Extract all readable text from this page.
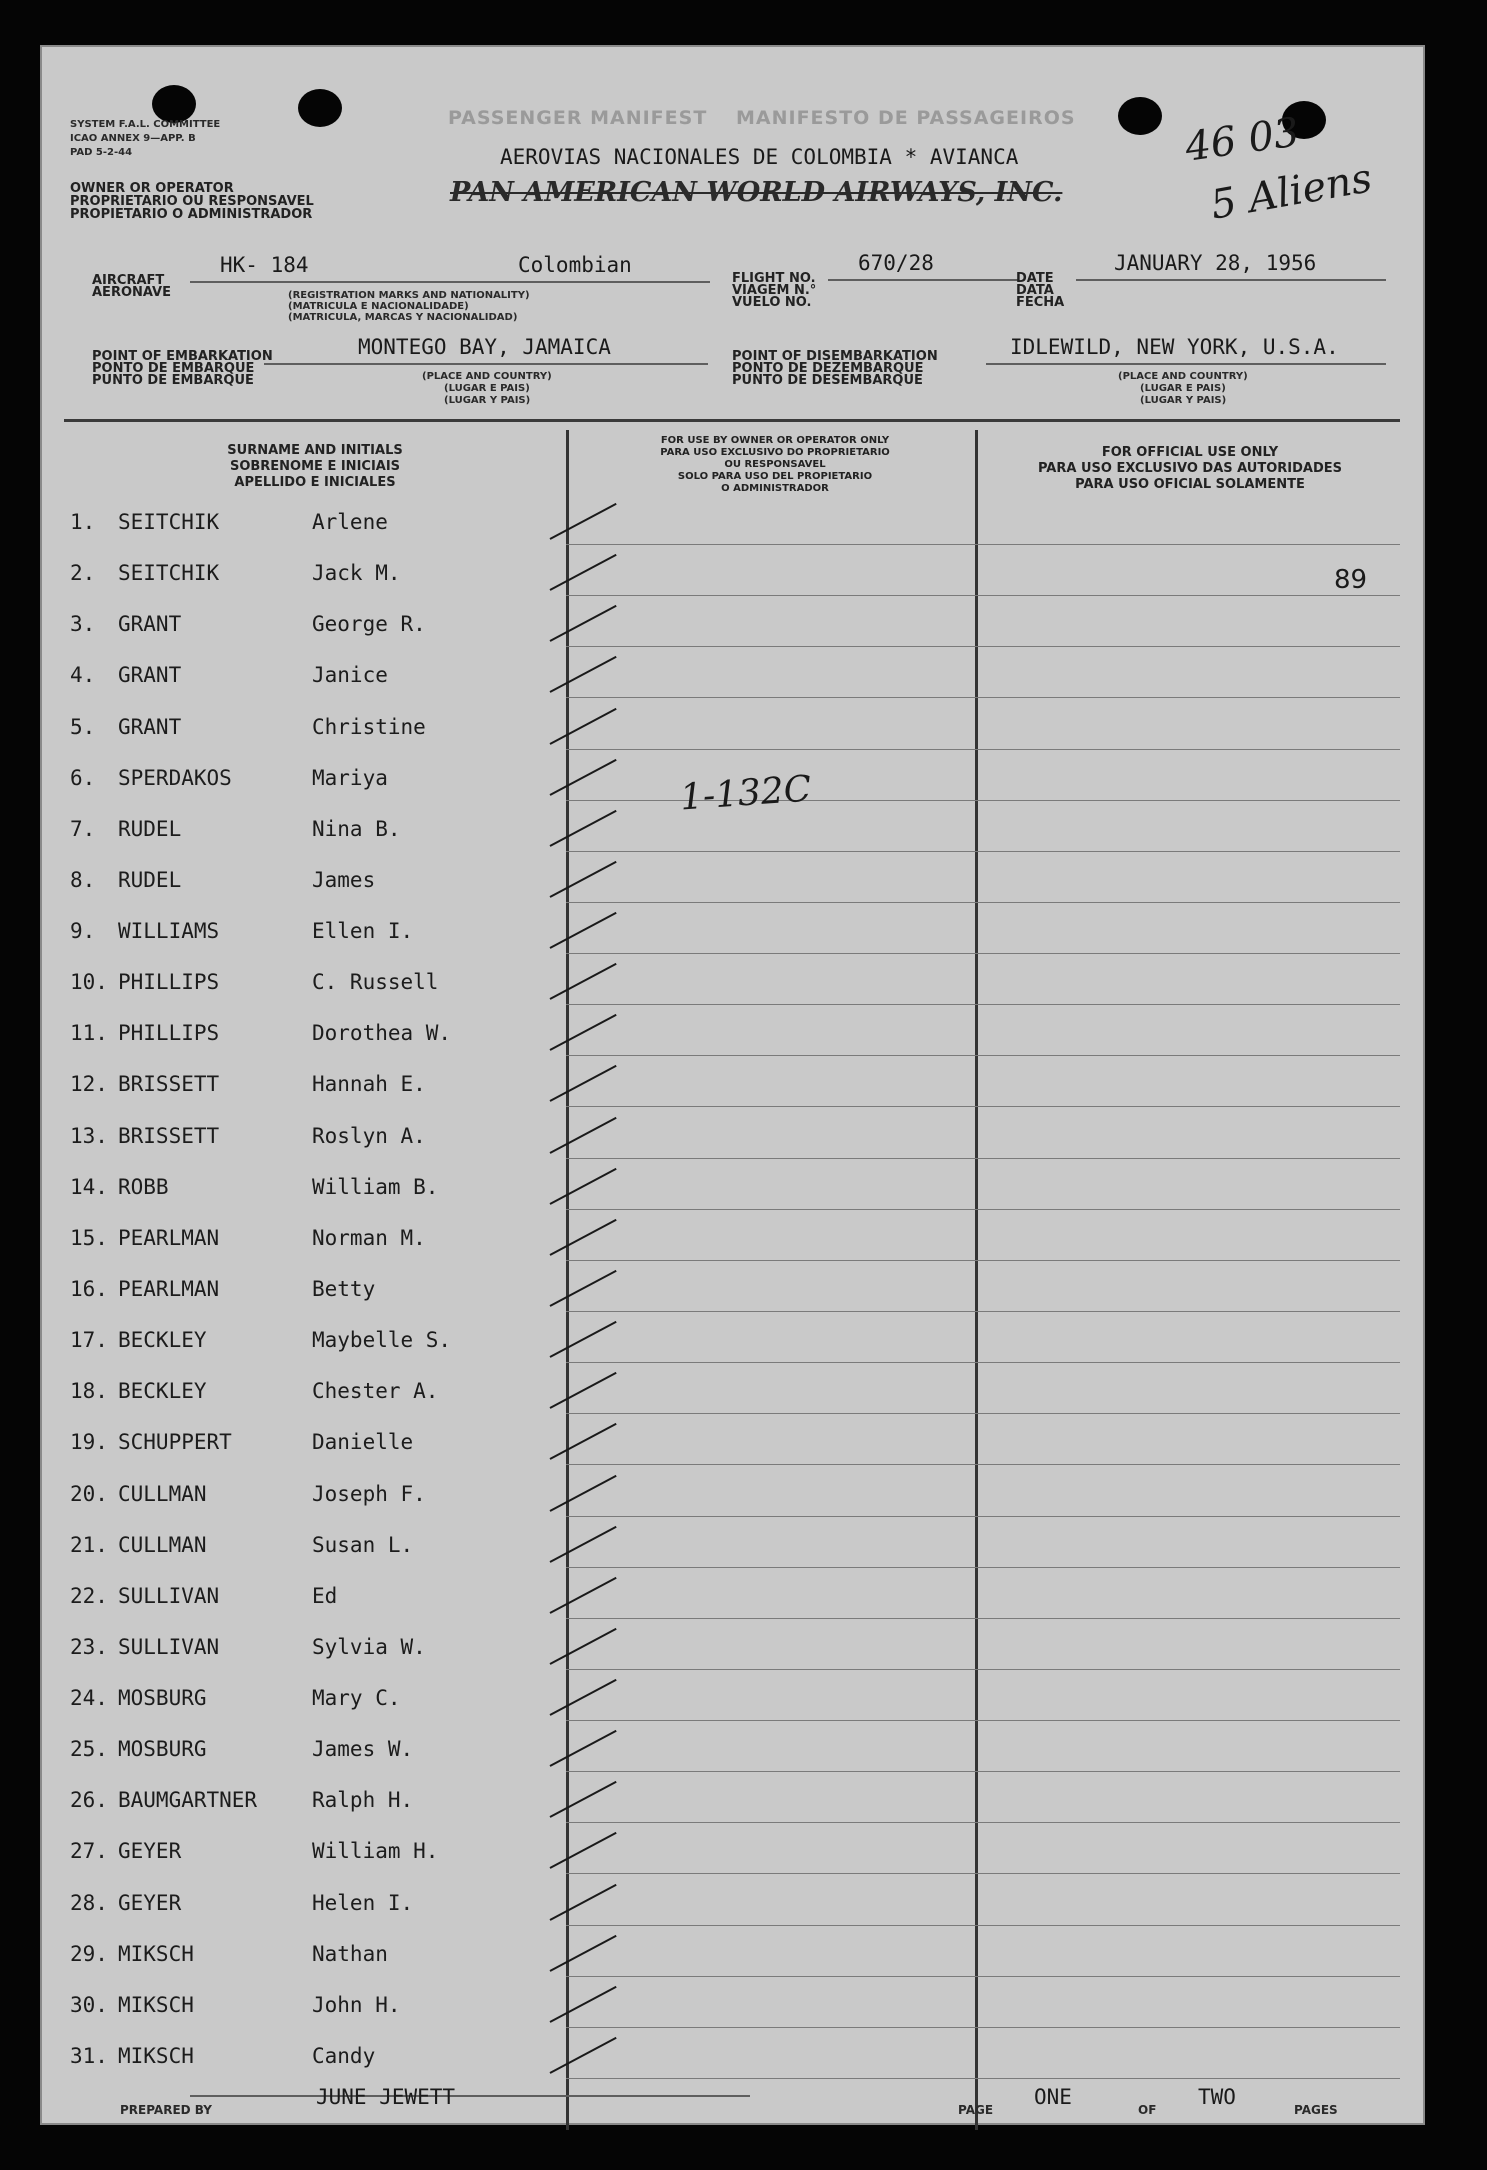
SYSTEM F.A.L. COMMITTEE
ICAO ANNEX 9—APP. B
PAD 5-2-44
OWNER OR OPERATOR
PROPRIETARIO OU RESPONSAVEL
PROPIETARIO O ADMINISTRADOR
PASSENGER MANIFEST MANIFESTO DE PASSAGEIROS
AEROVIAS NACIONALES DE COLOMBIA * AVIANCA
PAN AMERICAN WORLD AIRWAYS, INC.
46 03
5 Aliens
AIRCRAFT
AERONAVE
HK- 184	Colombian
(REGISTRATION MARKS AND NATIONALITY)
(MATRICULA E NACIONALIDADE)
(MATRICULA, MARCAS Y NACIONALIDAD)
FLIGHT NO.
VIAGEM N.°
VUELO NO.
670/28
DATE
DATA
FECHA
JANUARY 28, 1956
POINT OF EMBARKATION
PONTO DE EMBARQUE
PUNTO DE EMBARQUE
MONTEGO BAY, JAMAICA
(PLACE AND COUNTRY)
(LUGAR E PAIS)
(LUGAR Y PAIS)
POINT OF DISEMBARKATION
PONTO DE DEZEMBARQUE
PUNTO DE DESEMBARQUE
IDLEWILD, NEW YORK, U.S.A.
(PLACE AND COUNTRY)
(LUGAR E PAIS)
(LUGAR Y PAIS)
SURNAME AND INITIALS
SOBRENOME E INICIAIS
APELLIDO E INICIALES
FOR USE BY OWNER OR OPERATOR ONLY
PARA USO EXCLUSIVO DO PROPRIETARIO
OU RESPONSAVEL
SOLO PARA USO DEL PROPIETARIO
O ADMINISTRADOR
FOR OFFICIAL USE ONLY
PARA USO EXCLUSIVO DAS AUTORIDADES
PARA USO OFICIAL SOLAMENTE
1. SEITCHIK	Arlene
2. SEITCHIK	Jack M.
3. GRANT	George R.
4. GRANT	Janice
5. GRANT	Christine
6. SPERDAKOS	Mariya
7. RUDEL	Nina B.
8. RUDEL	James
9. WILLIAMS	Ellen I.
10. PHILLIPS	C. Russell
11. PHILLIPS	Dorothea W.
12. BRISSETT	Hannah E.
13. BRISSETT	Roslyn A.
14. ROBB	William B.
15. PEARLMAN	Norman M.
16. PEARLMAN	Betty
17. BECKLEY	Maybelle S.
18. BECKLEY	Chester A.
19. SCHUPPERT	Danielle
20. CULLMAN	Joseph F.
21. CULLMAN	Susan L.
22. SULLIVAN	Ed
23. SULLIVAN	Sylvia W.
24. MOSBURG	Mary C.
25. MOSBURG	James W.
26. BAUMGARTNER	Ralph H.
27. GEYER	William H.
28. GEYER	Helen I.
29. MIKSCH	Nathan
30. MIKSCH	John H.
31. MIKSCH	Candy
1-132C
89
PREPARED BY
JUNE JEWETT
PAGE
ONE
OF
TWO
PAGES
